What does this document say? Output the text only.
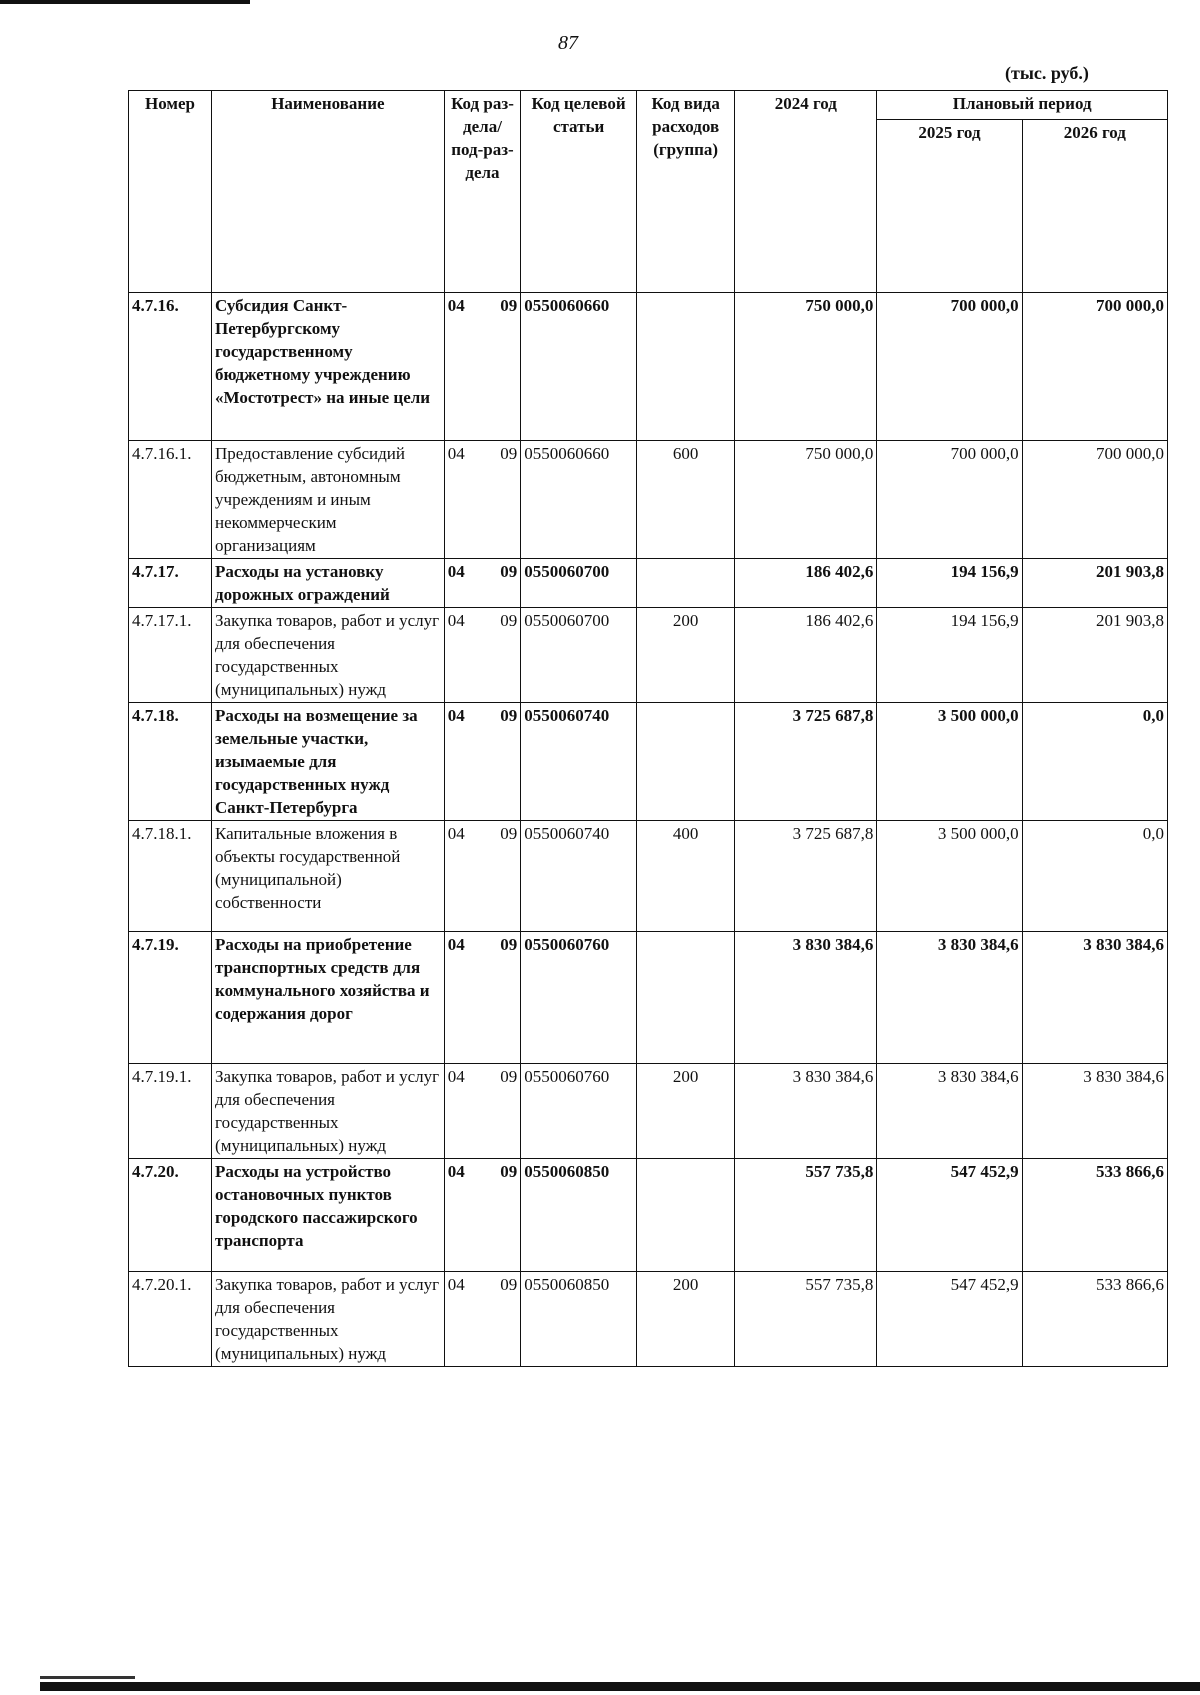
87
(тыс. руб.)
Номер	Наименование	Код раз-дела/ под-раз-дела	Код целевой статьи	Код вида расходов (группа)	2024 год	Плановый период	
						2025 год	2026 год
4.7.16.	Субсидия Санкт-Петербургскому государственному бюджетному учреждению «Мостотрест» на иные цели	04 09	0550060660		750 000,0	700 000,0	700 000,0
4.7.16.1.	Предоставление субсидий бюджетным, автономным учреждениям и иным некоммерческим организациям	04 09	0550060660	600	750 000,0	700 000,0	700 000,0
4.7.17.	Расходы на установку дорожных ограждений	04 09	0550060700		186 402,6	194 156,9	201 903,8
4.7.17.1.	Закупка товаров, работ и услуг для обеспечения государственных (муниципальных) нужд	04 09	0550060700	200	186 402,6	194 156,9	201 903,8
4.7.18.	Расходы на возмещение за земельные участки, изымаемые для государственных нужд Санкт-Петербурга	04 09	0550060740		3 725 687,8	3 500 000,0	0,0
4.7.18.1.	Капитальные вложения в объекты государственной (муниципальной) собственности	04 09	0550060740	400	3 725 687,8	3 500 000,0	0,0
4.7.19.	Расходы на приобретение транспортных средств для коммунального хозяйства и содержания дорог	04 09	0550060760		3 830 384,6	3 830 384,6	3 830 384,6
4.7.19.1.	Закупка товаров, работ и услуг для обеспечения государственных (муниципальных) нужд	04 09	0550060760	200	3 830 384,6	3 830 384,6	3 830 384,6
4.7.20.	Расходы на устройство остановочных пунктов городского пассажирского транспорта	04 09	0550060850		557 735,8	547 452,9	533 866,6
4.7.20.1.	Закупка товаров, работ и услуг для обеспечения государственных (муниципальных) нужд	04 09	0550060850	200	557 735,8	547 452,9	533 866,6
